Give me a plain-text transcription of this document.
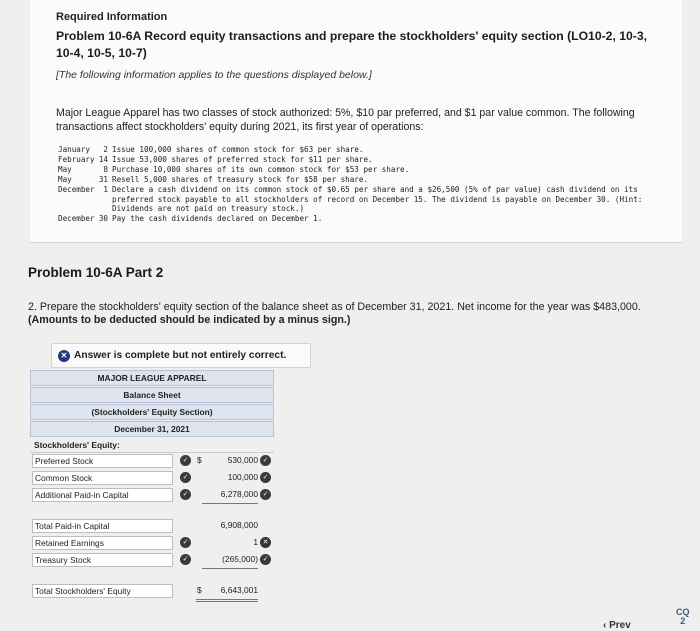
Required Information
Problem 10-6A Record equity transactions and prepare the stockholders' equity section (LO10-2, 10-3, 10-4, 10-5, 10-7)
[The following information applies to the questions displayed below.]
Major League Apparel has two classes of stock authorized: 5%, $10 par preferred, and $1 par value common. The following transactions affect stockholders' equity during 2021, its first year of operations:
January	2 Issue 100,000 shares of common stock for $63 per share.
February 14 Issue 53,000 shares of preferred stock for $11 per share.
May	8 Purchase 10,000 shares of its own common stock for $53 per share.
May	31 Resell 5,000 shares of treasury stock for $58 per share.
December	1 Declare a cash dividend on its common stock of $0.65 per share and a $26,500 (5% of par value) cash dividend on its preferred stock payable to all stockholders of record on December 15. The dividend is payable on December 30. (Hint: Dividends are not paid on treasury stock.)
December 30 Pay the cash dividends declared on December 1.
Problem 10-6A Part 2
2. Prepare the stockholders' equity section of the balance sheet as of December 31, 2021. Net income for the year was $483,000.
(Amounts to be deducted should be indicated by a minus sign.)
✕ Answer is complete but not entirely correct.
MAJOR LEAGUE APPAREL
Balance Sheet
(Stockholders' Equity Section)
December 31, 2021
Stockholders' Equity:
Preferred Stock ✓	$	530,000
✓
Common Stock ✓	100,000
✓
Additional Paid-in Capital ✓	6,278,000
✓
Total Paid-in Capital	6,908,000
Retained Earnings ✓	1
✕
Treasury Stock ✓	(265,000)
✓
Total Stockholders' Equity	$	6,643,001
‹ Prev
CQ
2
